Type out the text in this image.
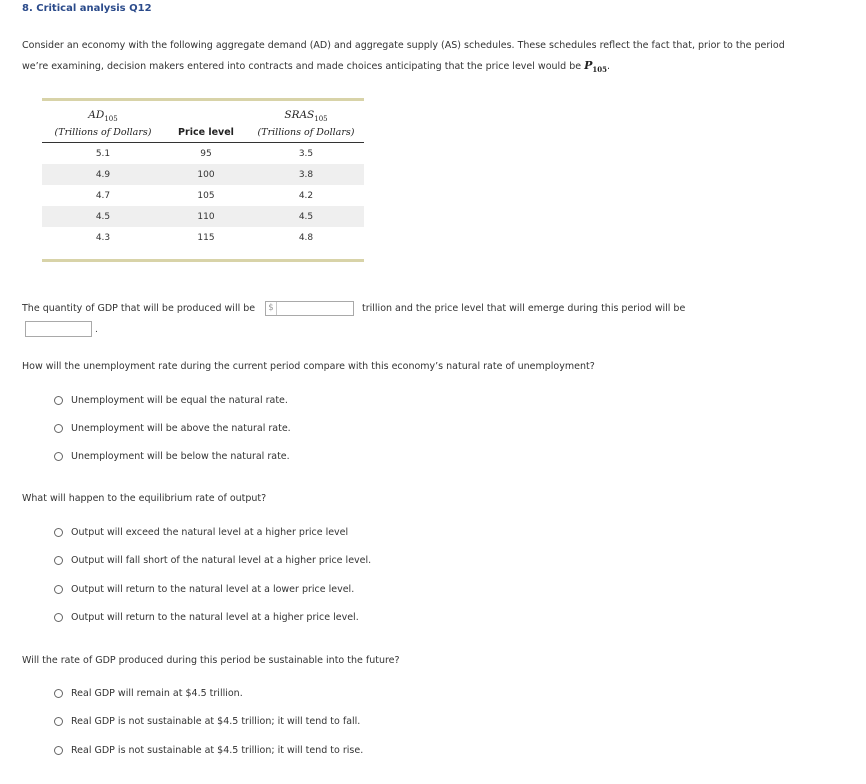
8. Critical analysis Q12
Consider an economy with the following aggregate demand (AD) and aggregate supply (AS) schedules. These schedules reflect the fact that, prior to the period we’re examining, decision makers entered into contracts and made choices anticipating that the price level would be $P_{105}$.
$AD_{105}$		$SRAS_{105}$
(Trillions of Dollars)	Price level	(Trillions of Dollars)
5.1	95	3.5
4.9	100	3.8
4.7	105	4.2
4.5	110	4.5
4.3	115	4.8
The quantity of GDP that will be produced will be $	trillion and the price level that will emerge during this period will be
.
How will the unemployment rate during the current period compare with this economy’s natural rate of unemployment?
Unemployment will be equal the natural rate.
Unemployment will be above the natural rate.
Unemployment will be below the natural rate.
What will happen to the equilibrium rate of output?
Output will exceed the natural level at a higher price level
Output will fall short of the natural level at a higher price level.
Output will return to the natural level at a lower price level.
Output will return to the natural level at a higher price level.
Will the rate of GDP produced during this period be sustainable into the future?
Real GDP will remain at $4.5 trillion.
Real GDP is not sustainable at $4.5 trillion; it will tend to fall.
Real GDP is not sustainable at $4.5 trillion; it will tend to rise.
